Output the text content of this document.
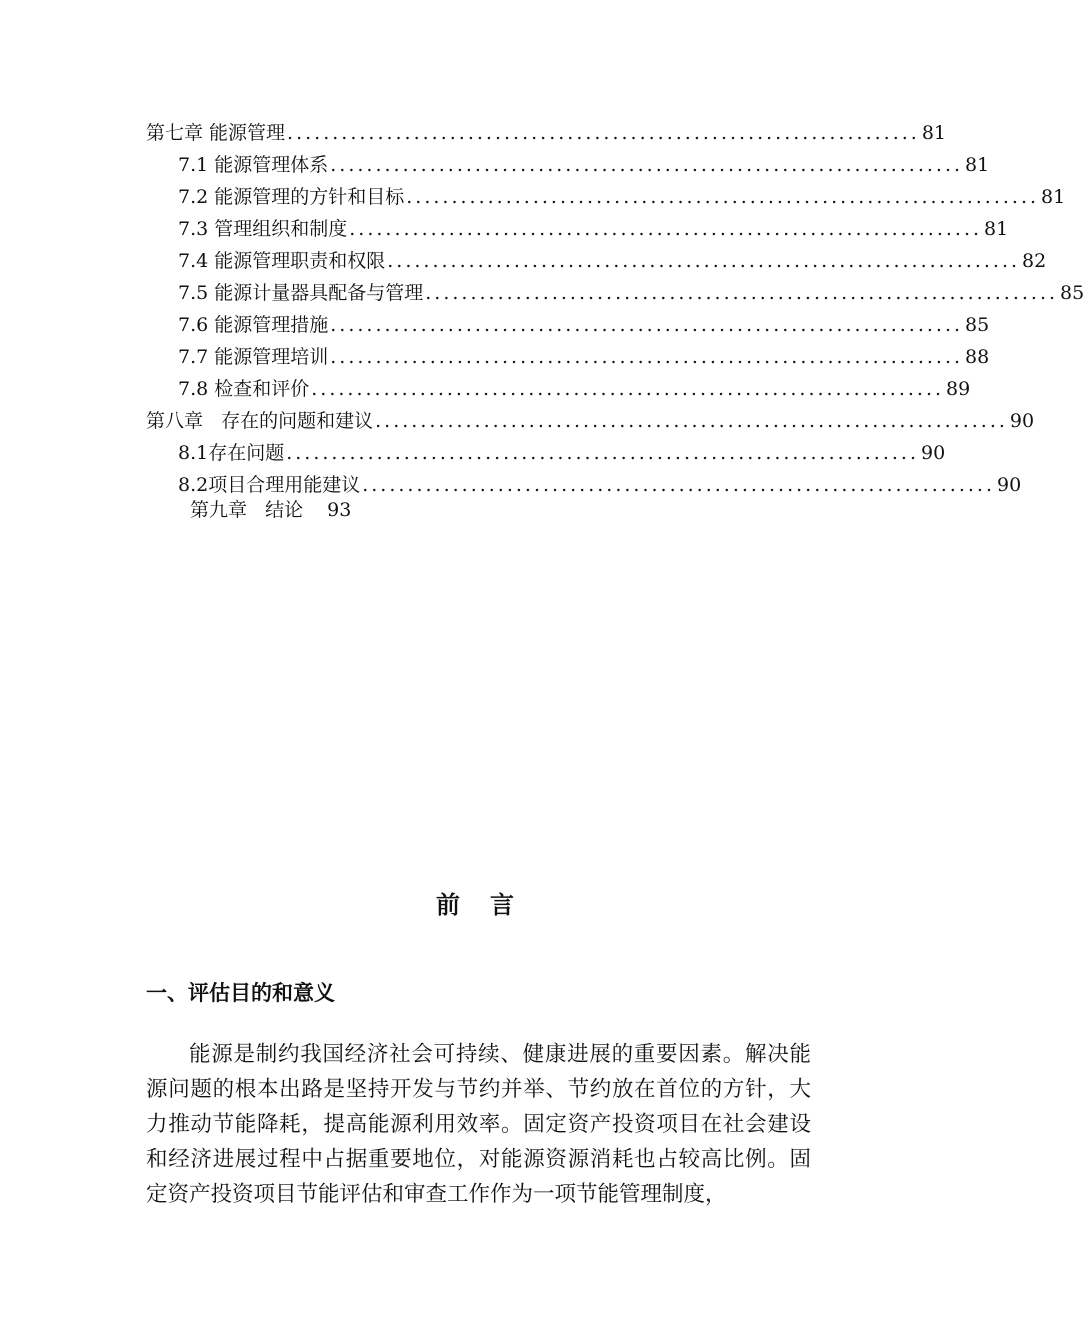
第七章 能源管理 ...................................................................... 81
7.1 能源管理体系 ...................................................................... 81
7.2 能源管理的方针和目标 ...................................................................... 81
7.3 管理组织和制度 ...................................................................... 81
7.4 能源管理职责和权限 ...................................................................... 82
7.5 能源计量器具配备与管理 ...................................................................... 85
7.6 能源管理措施 ...................................................................... 85
7.7 能源管理培训 ...................................................................... 88
7.8 检查和评价 ...................................................................... 89
第八章   存在的问题和建议 ...................................................................... 90
8.1存在问题 ...................................................................... 90
8.2项目合理用能建议 ...................................................................... 90
第九章   结论 93
前言
一、评估目的和意义

能源是制约我国经济社会可持续、健康进展的重要因素。解决能源问题的根本出路是坚持开发与节约并举、节约放在首位的方针，大力推动节能降耗，提高能源利用效率。固定资产投资项目在社会建设和经济进展过程中占据重要地位，对能源资源消耗也占较高比例。固定资产投资项目节能评估和审查工作作为一项节能管理制度，
